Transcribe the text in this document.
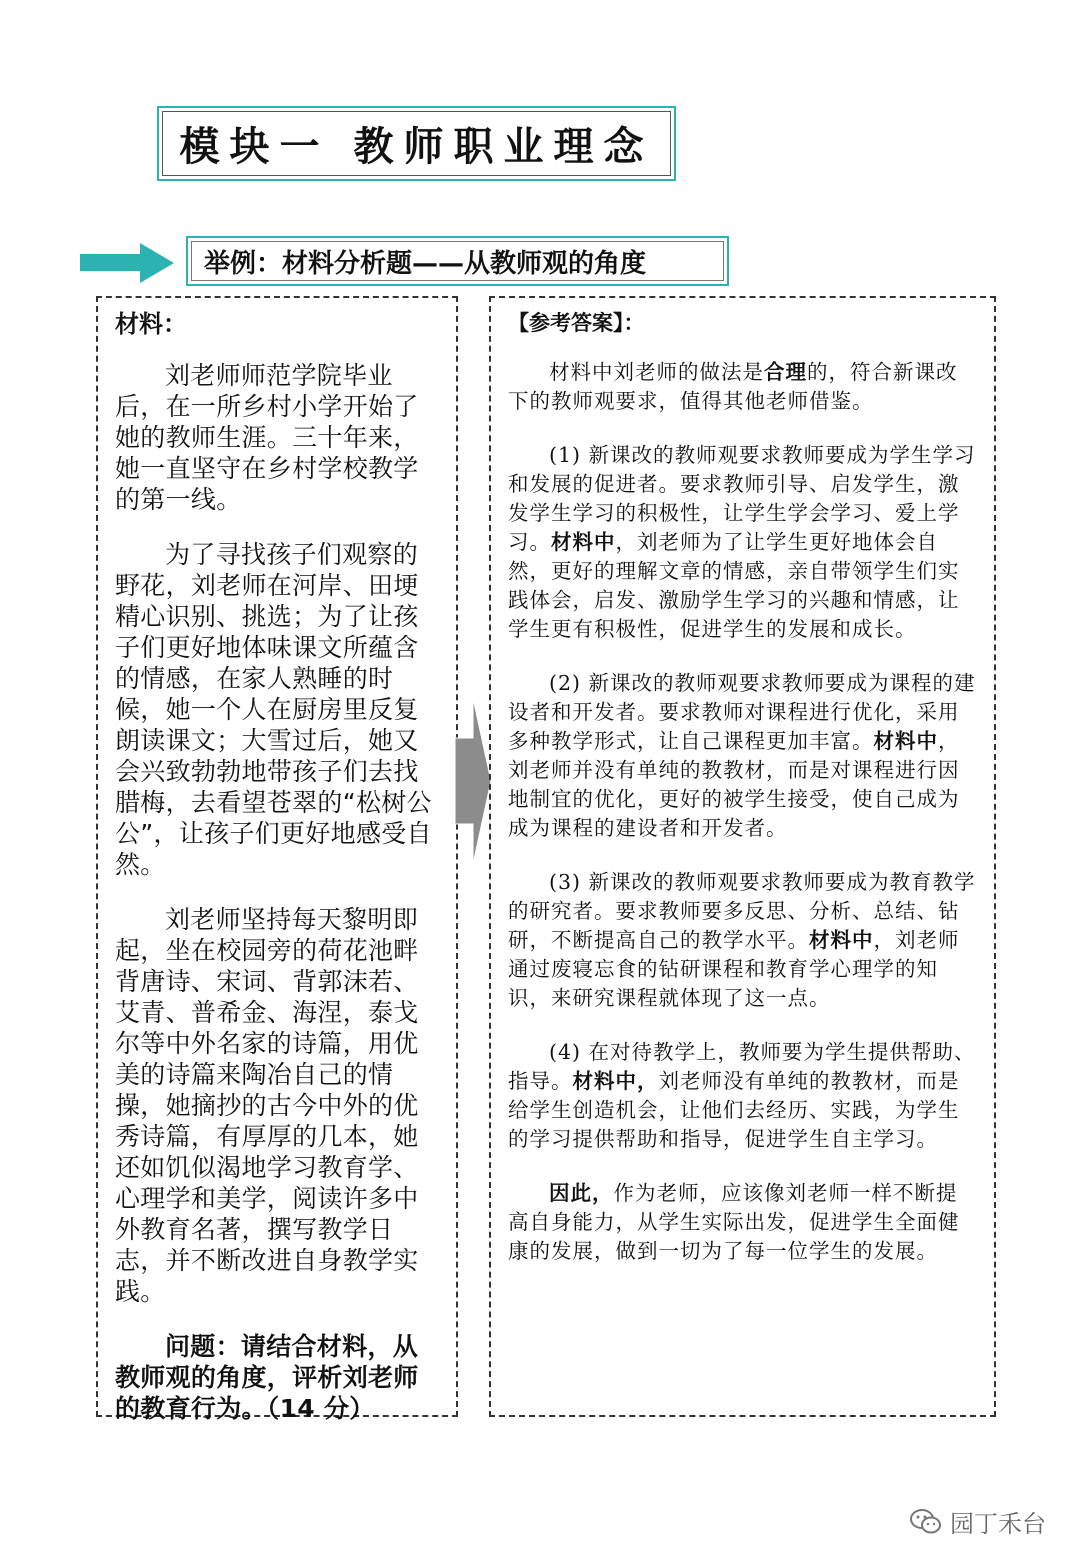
模块一 教师职业理念
举例：材料分析题——从教师观的角度

材料：

刘老师师范学院毕业后，在一所乡村小学开始了她的教师生涯。三十年来，她一直坚守在乡村学校教学的第一线。

为了寻找孩子们观察的野花，刘老师在河岸、田埂精心识别、挑选；为了让孩子们更好地体味课文所蕴含的情感，在家人熟睡的时候，她一个人在厨房里反复朗读课文；大雪过后，她又会兴致勃勃地带孩子们去找腊梅，去看望苍翠的“松树公公”，让孩子们更好地感受自然。

刘老师坚持每天黎明即起，坐在校园旁的荷花池畔背唐诗、宋词、背郭沫若、艾青、普希金、海涅，泰戈尔等中外名家的诗篇，用优美的诗篇来陶冶自己的情操，她摘抄的古今中外的优秀诗篇，有厚厚的几本，她还如饥似渴地学习教育学、心理学和美学，阅读许多中外教育名著，撰写教学日志，并不断改进自身教学实践。

问题：请结合材料，从教师观的角度，评析刘老师的教育行为。（14 分）

【参考答案】：

材料中刘老师的做法是合理的，符合新课改下的教师观要求，值得其他老师借鉴。

(1) 新课改的教师观要求教师要成为学生学习和发展的促进者。要求教师引导、启发学生，激发学生学习的积极性，让学生学会学习、爱上学习。材料中，刘老师为了让学生更好地体会自然，更好的理解文章的情感，亲自带领学生们实践体会，启发、激励学生学习的兴趣和情感，让学生更有积极性，促进学生的发展和成长。

(2) 新课改的教师观要求教师要成为课程的建设者和开发者。要求教师对课程进行优化，采用多种教学形式，让自己课程更加丰富。材料中，刘老师并没有单纯的教教材，而是对课程进行因地制宜的优化，更好的被学生接受，使自己成为成为课程的建设者和开发者。

(3) 新课改的教师观要求教师要成为教育教学的研究者。要求教师要多反思、分析、总结、钻研，不断提高自己的教学水平。材料中，刘老师通过废寝忘食的钻研课程和教育学心理学的知识，来研究课程就体现了这一点。

(4) 在对待教学上，教师要为学生提供帮助、指导。材料中，刘老师没有单纯的教教材，而是给学生创造机会，让他们去经历、实践，为学生的学习提供帮助和指导，促进学生自主学习。

因此，作为老师，应该像刘老师一样不断提高自身能力，从学生实际出发，促进学生全面健康的发展，做到一切为了每一位学生的发展。

园丁禾台
